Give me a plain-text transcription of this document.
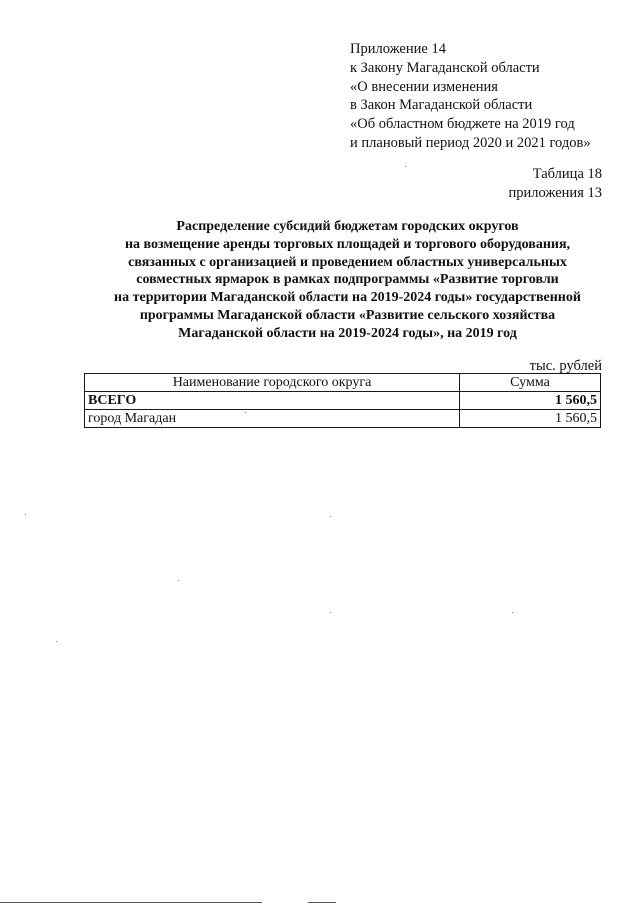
Приложение 14
к Закону Магаданской области
«О внесении изменения
в Закон Магаданской области
«Об областном бюджете на 2019 год
и плановый период 2020 и 2021 годов»
Таблица 18
приложения 13
Распределение субсидий бюджетам городских округов
на возмещение аренды торговых площадей и торгового оборудования,
связанных с организацией и проведением областных универсальных
совместных ярмарок в рамках подпрограммы «Развитие торговли
на территории Магаданской области на 2019-2024 годы» государственной
программы Магаданской области «Развитие сельского хозяйства
Магаданской области на 2019-2024 годы», на 2019 год
тыс. рублей
Наименование городского округа	Сумма
ВСЕГО	1 560,5
город Магадан	1 560,5
